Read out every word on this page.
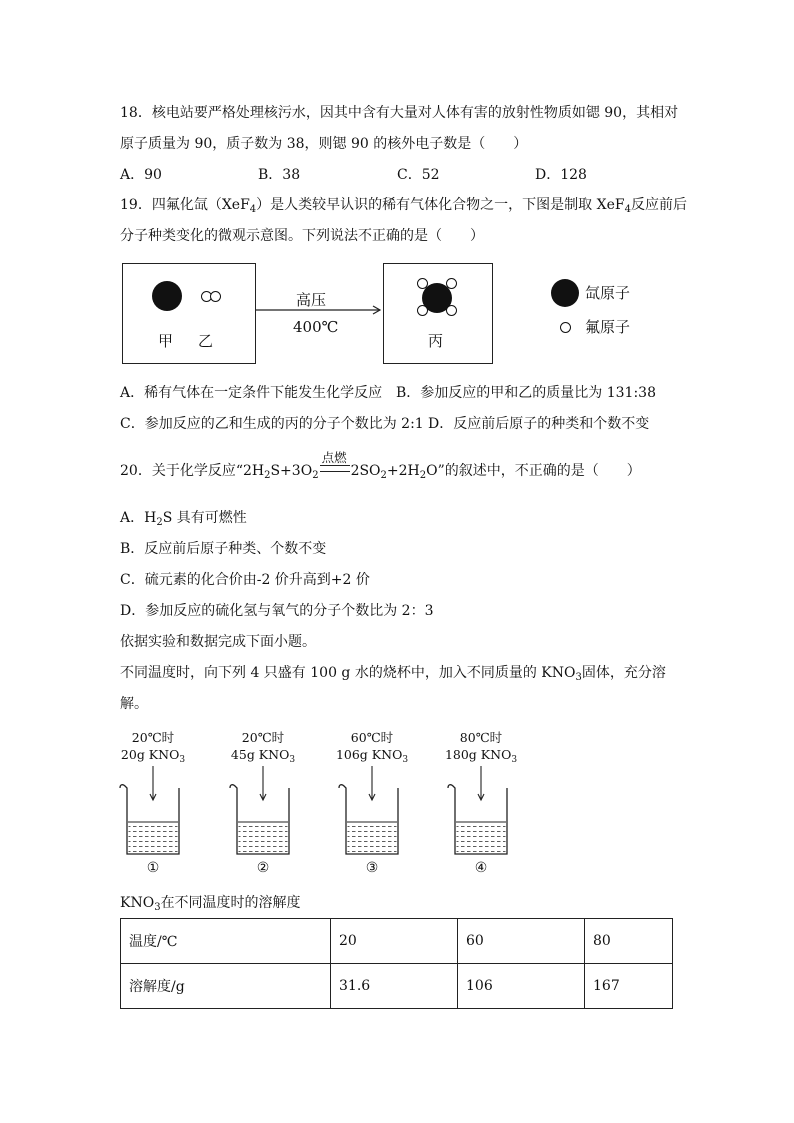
18．核电站要严格处理核污水，因其中含有大量对人体有害的放射性物质如锶 90，其相对
原子质量为 90，质子数为 38，则锶 90 的核外电子数是（　　）
A．90	B．38	C．52	D．128
19．四氟化氙（XeF$_4$）是人类较早认识的稀有气体化合物之一，下图是制取 XeF$_4$反应前后
分子种类变化的微观示意图。下列说法不正确的是（　　）
甲 乙
高压
400℃
丙
氙原子
氟原子
A．稀有气体在一定条件下能发生化学反应 B．参加反应的甲和乙的质量比为 131:38
C．参加反应的乙和生成的丙的分子个数比为 2:1 D．反应前后原子的种类和个数不变
20．关于化学反应“$2H_2S+3O_2$
点燃
$2SO_2+2H_2O$”的叙述中，不正确的是（　　）
A．$H_2S$ 具有可燃性
B．反应前后原子种类、个数不变
C．硫元素的化合价由-2 价升高到+2 价
D．参加反应的硫化氢与氧气的分子个数比为 2：3
依据实验和数据完成下面小题。
不同温度时，向下列 4 只盛有 100 g 水的烧杯中，加入不同质量的 $KNO_3$固体，充分溶
解。
20℃时
20g $KNO_3$
20℃时
45g $KNO_3$
60℃时
106g $KNO_3$
80℃时
180g $KNO_3$
①	②	③	④
$KNO_3$在不同温度时的溶解度
温度/℃	20	60	80
溶解度/g	31.6	106	167
